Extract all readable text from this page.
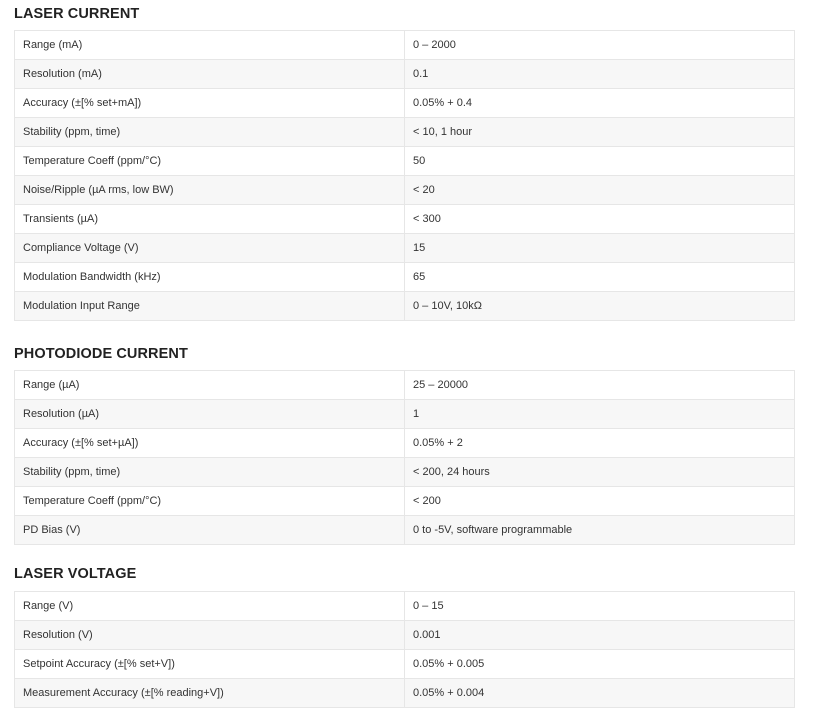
LASER CURRENT
Range (mA)	0 – 2000
Resolution (mA)	0.1
Accuracy (±[% set+mA])	0.05% + 0.4
Stability (ppm, time)	< 10, 1 hour
Temperature Coeff (ppm/°C)	50
Noise/Ripple (µA rms, low BW)	< 20
Transients (µA)	< 300
Compliance Voltage (V)	15
Modulation Bandwidth (kHz)	65
Modulation Input Range	0 – 10V, 10kΩ
PHOTODIODE CURRENT
Range (µA)	25 – 20000
Resolution (µA)	1
Accuracy (±[% set+µA])	0.05% + 2
Stability (ppm, time)	< 200, 24 hours
Temperature Coeff (ppm/°C)	< 200
PD Bias (V)	0 to -5V, software programmable
LASER VOLTAGE
Range (V)	0 – 15
Resolution (V)	0.001
Setpoint Accuracy (±[% set+V])	0.05% + 0.005
Measurement Accuracy (±[% reading+V])	0.05% + 0.004
